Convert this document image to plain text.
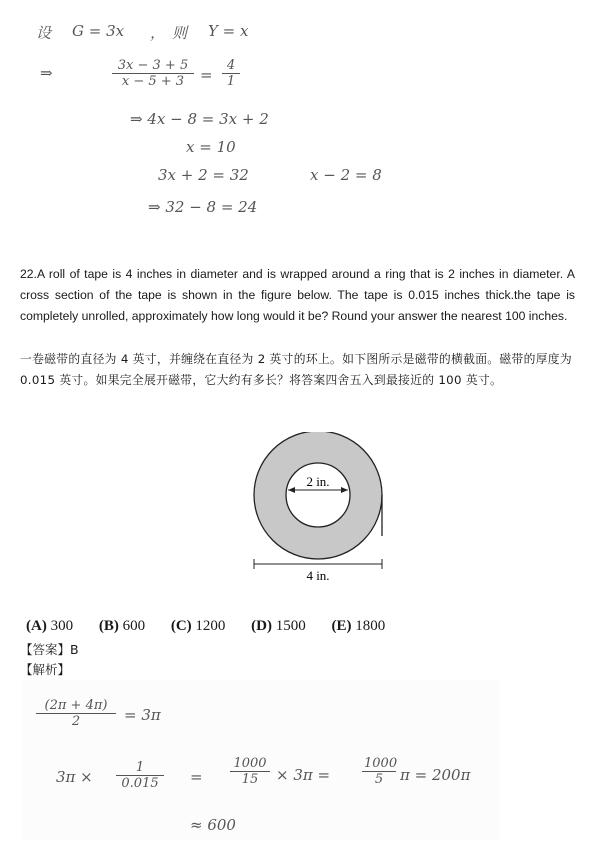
设 G = 3x ， 则 Y = x
⇒	$\frac{3x - 3 + 5}{x - 5 + 3} = \frac{4}{1}$
⇒ 4x − 8 = 3x + 2
x = 10
3x + 2 = 32	x − 2 = 8
⇒ 32 − 8 = 24
22.A roll of tape is 4 inches in diameter and is wrapped around a ring that is 2 inches in diameter. A cross section of the tape is shown in the figure below. The tape is 0.015 inches thick.the tape is completely unrolled, approximately how long would it be? Round your answer the nearest 100 inches.
一卷磁带的直径为 4 英寸，并缠绕在直径为 2 英寸的环上。如下图所示是磁带的横截面。磁带的厚度为 0.015 英寸。如果完全展开磁带，它大约有多长？将答案四舍五入到最接近的 100 英寸。
2 in.
4 in.
(A) 300 (B) 600 (C) 1200 (D) 1500 (E) 1800
【答案】B
【解析】
$\frac{(2\pi + 4\pi)}{2} = 3\pi$
$3\pi \times \frac{1}{0.015} = \frac{1000}{15} \times 3\pi = \frac{1000}{5}$ π = 200π
≈ 600
